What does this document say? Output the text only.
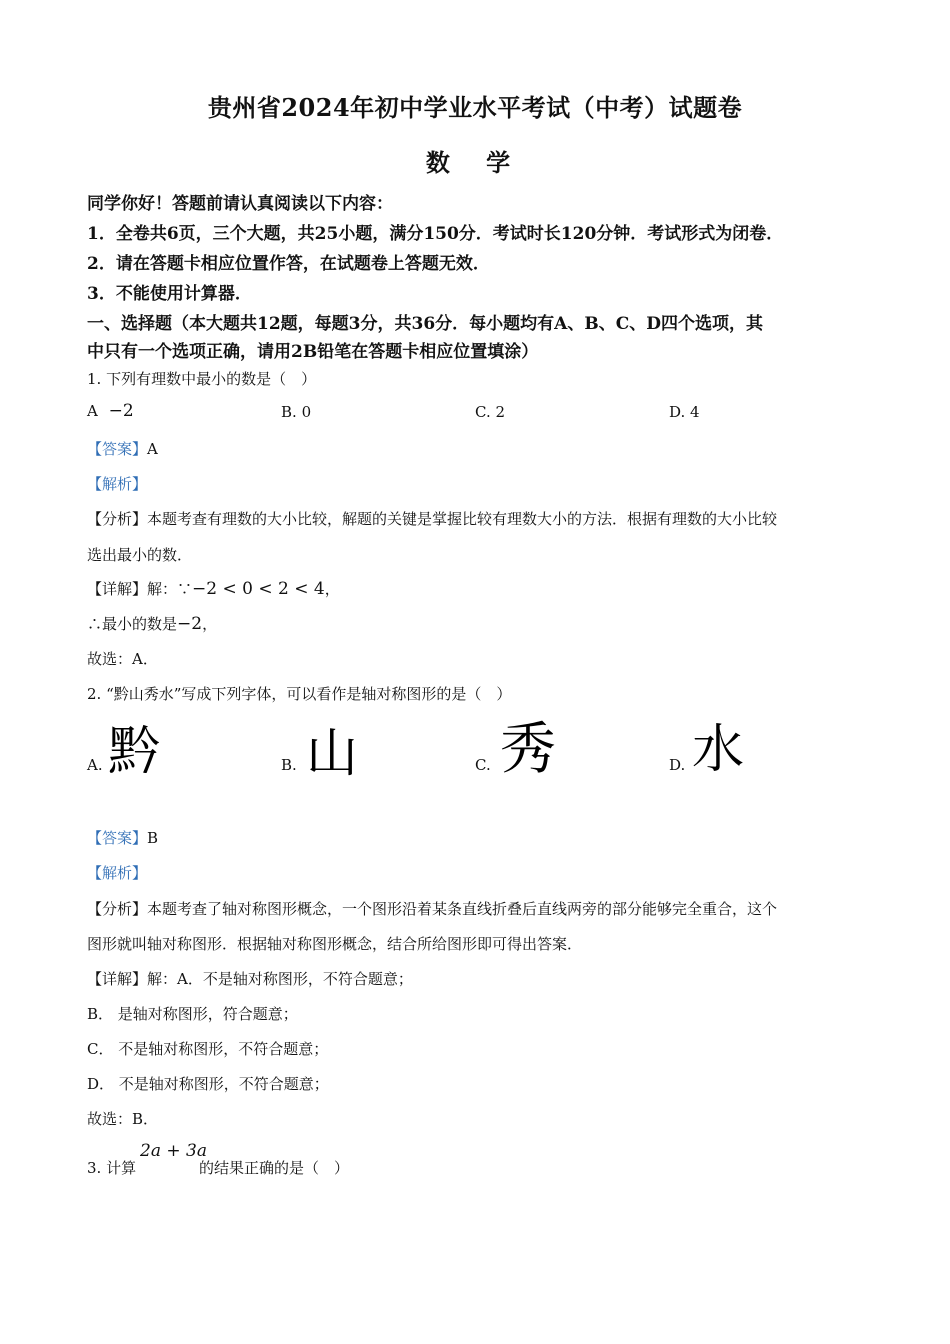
贵州省2024年初中学业水平考试（中考）试题卷
数 学
同学你好！答题前请认真阅读以下内容：
1．全卷共6页，三个大题，共25小题，满分150分．考试时长120分钟．考试形式为闭卷．
2．请在答题卡相应位置作答，在试题卷上答题无效．
3．不能使用计算器．
一、选择题（本大题共12题，每题3分，共36分．每小题均有A、B、C、D四个选项，其
中只有一个选项正确，请用2B铅笔在答题卡相应位置填涂）
1. 下列有理数中最小的数是（　）
A −2	B. 0	C. 2	D. 4
【答案】A
【解析】
【分析】本题考查有理数的大小比较，解题的关键是掌握比较有理数大小的方法．根据有理数的大小比较
选出最小的数．
【详解】解：∵−2 < 0 < 2 < 4，
∴最小的数是−2，
故选：A．
2. “黔山秀水”写成下列字体，可以看作是轴对称图形的是（　）
A. 黔	B. 山	C. 秀	D. 水
【答案】B
【解析】
【分析】本题考查了轴对称图形概念，一个图形沿着某条直线折叠后直线两旁的部分能够完全重合，这个
图形就叫轴对称图形．根据轴对称图形概念，结合所给图形即可得出答案．
【详解】解：A．不是轴对称图形，不符合题意；
B． 是轴对称图形，符合题意；
C． 不是轴对称图形，不符合题意；
D． 不是轴对称图形，不符合题意；
故选：B．
3. 计算
2a + 3a
的结果正确的是（　）
